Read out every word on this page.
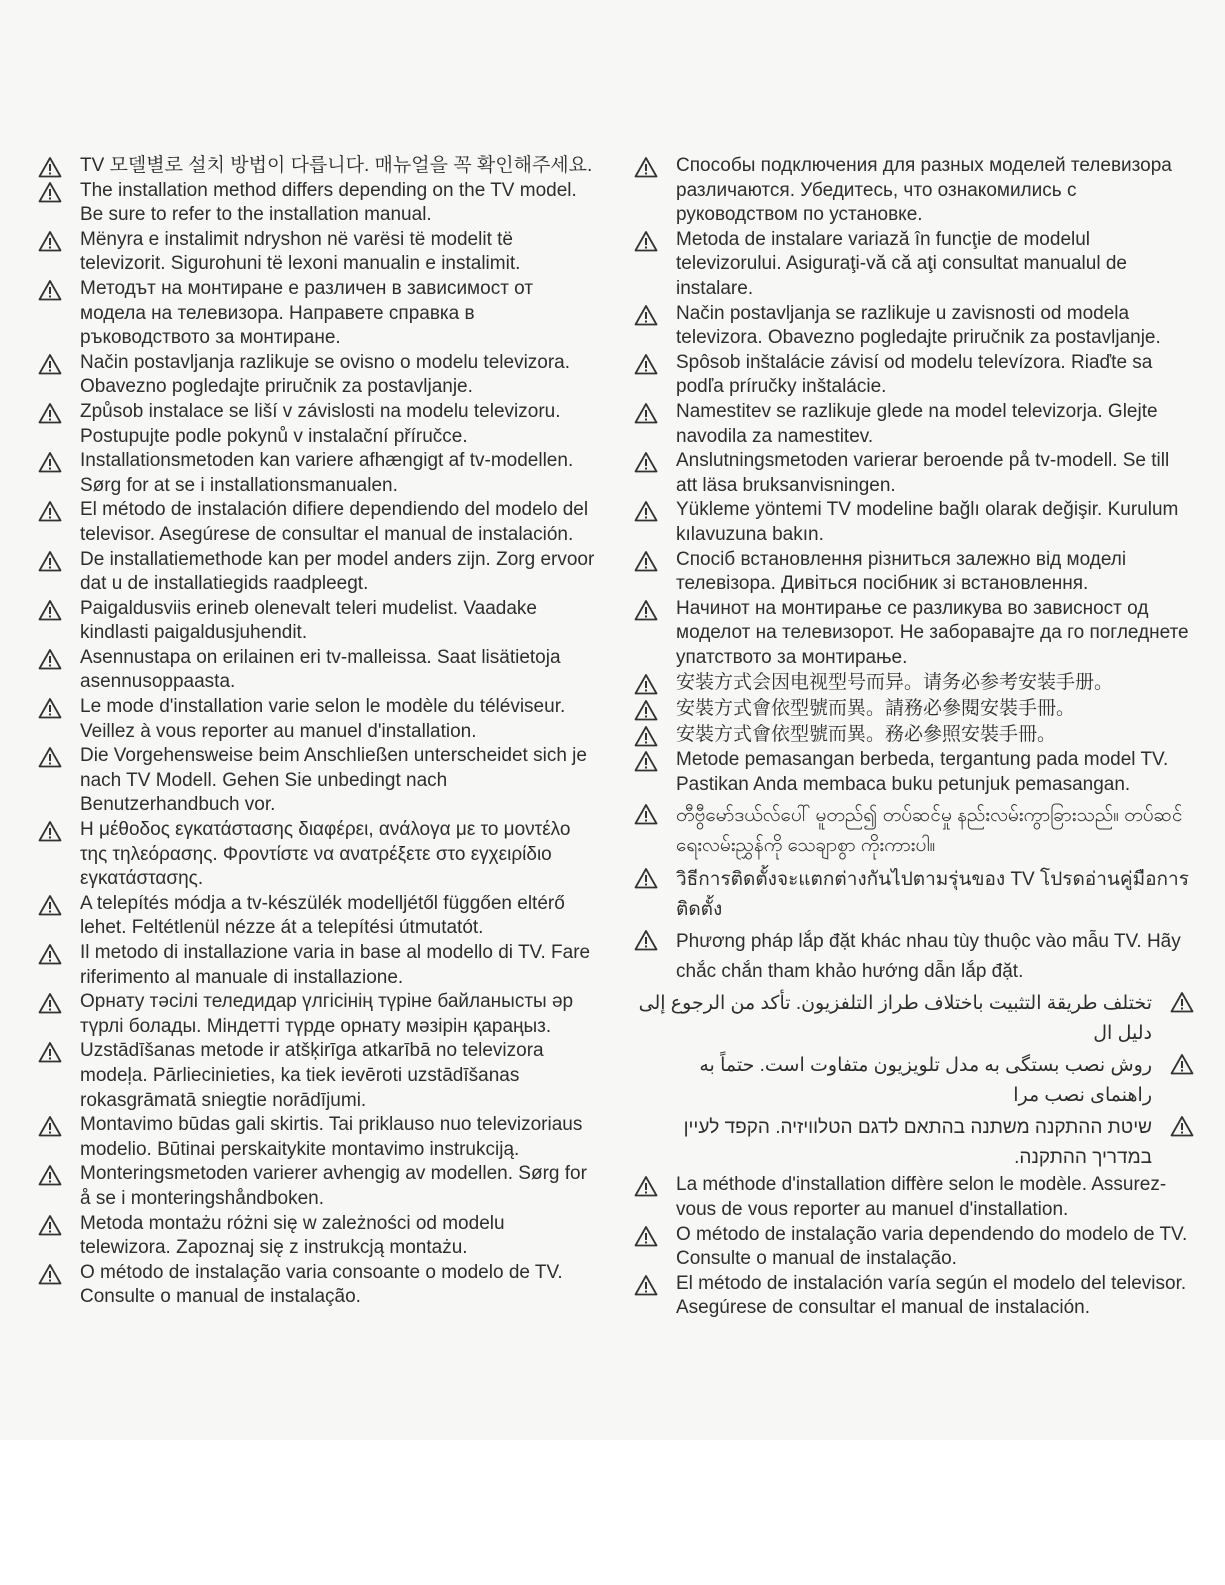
TV 모델별로 설치 방법이 다릅니다. 매뉴얼을 꼭 확인해주세요.
The installation method differs depending on the TV model. Be sure to refer to the installation manual.
Mënyra e instalimit ndryshon në varësi të modelit të televizorit. Sigurohuni të lexoni manualin e instalimit.
Методът на монтиране е различен в зависимост от модела на телевизора. Направете справка в ръководството за монтиране.
Način postavljanja razlikuje se ovisno o modelu televizora. Obavezno pogledajte priručnik za postavljanje.
Způsob instalace se liší v závislosti na modelu televizoru. Postupujte podle pokynů v instalační příručce.
Installationsmetoden kan variere afhængigt af tv-modellen. Sørg for at se i installationsmanualen.
El método de instalación difiere dependiendo del modelo del televisor. Asegúrese de consultar el manual de instalación.
De installatiemethode kan per model anders zijn. Zorg ervoor dat u de installatiegids raadpleegt.
Paigaldusviis erineb olenevalt teleri mudelist. Vaadake kindlasti paigaldusjuhendit.
Asennustapa on erilainen eri tv-malleissa. Saat lisätietoja asennusoppaasta.
Le mode d'installation varie selon le modèle du téléviseur. Veillez à vous reporter au manuel d'installation.
Die Vorgehensweise beim Anschließen unterscheidet sich je nach TV Modell. Gehen Sie unbedingt nach Benutzerhandbuch vor.
Η μέθοδος εγκατάστασης διαφέρει, ανάλογα με το μοντέλο της τηλεόρασης. Φροντίστε να ανατρέξετε στο εγχειρίδιο εγκατάστασης.
A telepítés módja a tv-készülék modelljétől függően eltérő lehet. Feltétlenül nézze át a telepítési útmutatót.
Il metodo di installazione varia in base al modello di TV. Fare riferimento al manuale di installazione.
Орнату тәсілі теледидар үлгісінің түріне байланысты әр түрлі болады. Міндетті түрде орнату мәзірін қараңыз.
Uzstādīšanas metode ir atšķirīga atkarībā no televizora modeļa. Pārliecinieties, ka tiek ievēroti uzstādīšanas rokasgrāmatā sniegtie norādījumi.
Montavimo būdas gali skirtis. Tai priklauso nuo televizoriaus modelio. Būtinai perskaitykite montavimo instrukciją.
Monteringsmetoden varierer avhengig av modellen. Sørg for å se i monteringshåndboken.
Metoda montażu różni się w zależności od modelu telewizora. Zapoznaj się z instrukcją montażu.
O método de instalação varia consoante o modelo de TV. Consulte o manual de instalação.
Способы подключения для разных моделей телевизора различаются. Убедитесь, что ознакомились с руководством по установке.
Metoda de instalare variază în funcţie de modelul televizorului. Asiguraţi-vă că aţi consultat manualul de instalare.
Način postavljanja se razlikuje u zavisnosti od modela televizora. Obavezno pogledajte priručnik za postavljanje.
Spôsob inštalácie závisí od modelu televízora. Riaďte sa podľa príručky inštalácie.
Namestitev se razlikuje glede na model televizorja. Glejte navodila za namestitev.
Anslutningsmetoden varierar beroende på tv-modell. Se till att läsa bruksanvisningen.
Yükleme yöntemi TV modeline bağlı olarak değişir. Kurulum kılavuzuna bakın.
Спосіб встановлення різниться залежно від моделі телевізора. Дивіться посібник зі встановлення.
Начинот на монтирање се разликува во зависност од моделот на телевизорот. Не заборавајте да го погледнете упатството за монтирање.
安装方式会因电视型号而异。请务必参考安装手册。
安裝方式會依型號而異。請務必參閱安裝手冊。
安裝方式會依型號而異。務必參照安裝手冊。
Metode pemasangan berbeda, tergantung pada model TV. Pastikan Anda membaca buku petunjuk pemasangan.
တီဗွီမော်ဒယ်လ်ပေါ် မူတည်၍ တပ်ဆင်မှု နည်းလမ်းကွာခြားသည်။ တပ်ဆင်ရေးလမ်းညွှန်ကို သေချာစွာ ကိုးကားပါ။
วิธีการติดตั้งจะแตกต่างกันไปตามรุ่นของ TV โปรดอ่านคู่มือการติดตั้ง
Phương pháp lắp đặt khác nhau tùy thuộc vào mẫu TV. Hãy chắc chắn tham khảo hướng dẫn lắp đặt.
تختلف طريقة التثبيت باختلاف طراز التلفزيون. تأكد من الرجوع إلى دليل ال
روش نصب بستگی به مدل تلویزیون متفاوت است. حتماً به راهنمای نصب مرا
שיטת ההתקנה משתנה בהתאם לדגם הטלוויזיה. הקפד לעיין במדריך ההתקנה.
La méthode d'installation diffère selon le modèle. Assurez-vous de vous reporter au manuel d'installation.
O método de instalação varia dependendo do modelo de TV. Consulte o manual de instalação.
El método de instalación varía según el modelo del televisor. Asegúrese de consultar el manual de instalación.
